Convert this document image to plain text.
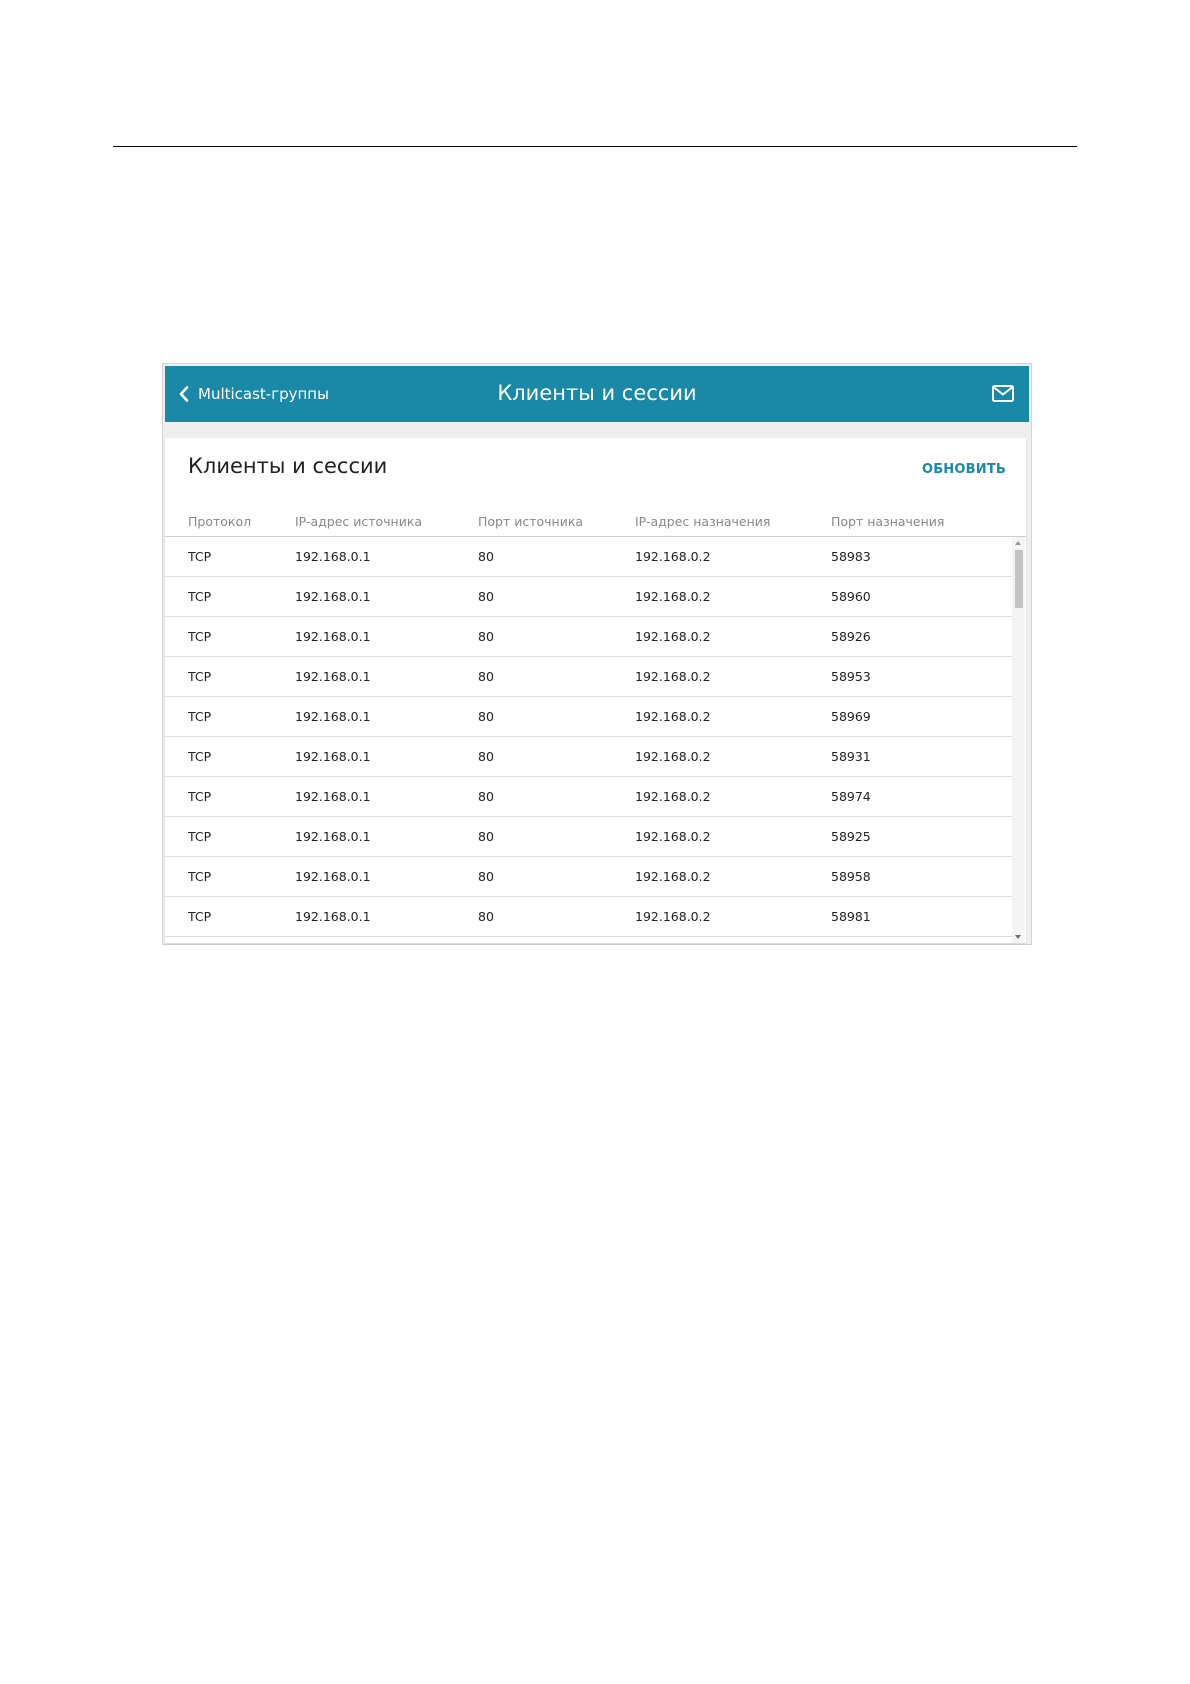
Multicast-группы	Клиенты и сессии
Клиенты и сессии	ОБНОВИТЬ
Протокол	IP-адрес источника	Порт источника	IP-адрес назначения	Порт назначения
TCP	192.168.0.1	80	192.168.0.2	58983
TCP	192.168.0.1	80	192.168.0.2	58960
TCP	192.168.0.1	80	192.168.0.2	58926
TCP	192.168.0.1	80	192.168.0.2	58953
TCP	192.168.0.1	80	192.168.0.2	58969
TCP	192.168.0.1	80	192.168.0.2	58931
TCP	192.168.0.1	80	192.168.0.2	58974
TCP	192.168.0.1	80	192.168.0.2	58925
TCP	192.168.0.1	80	192.168.0.2	58958
TCP	192.168.0.1	80	192.168.0.2	58981
